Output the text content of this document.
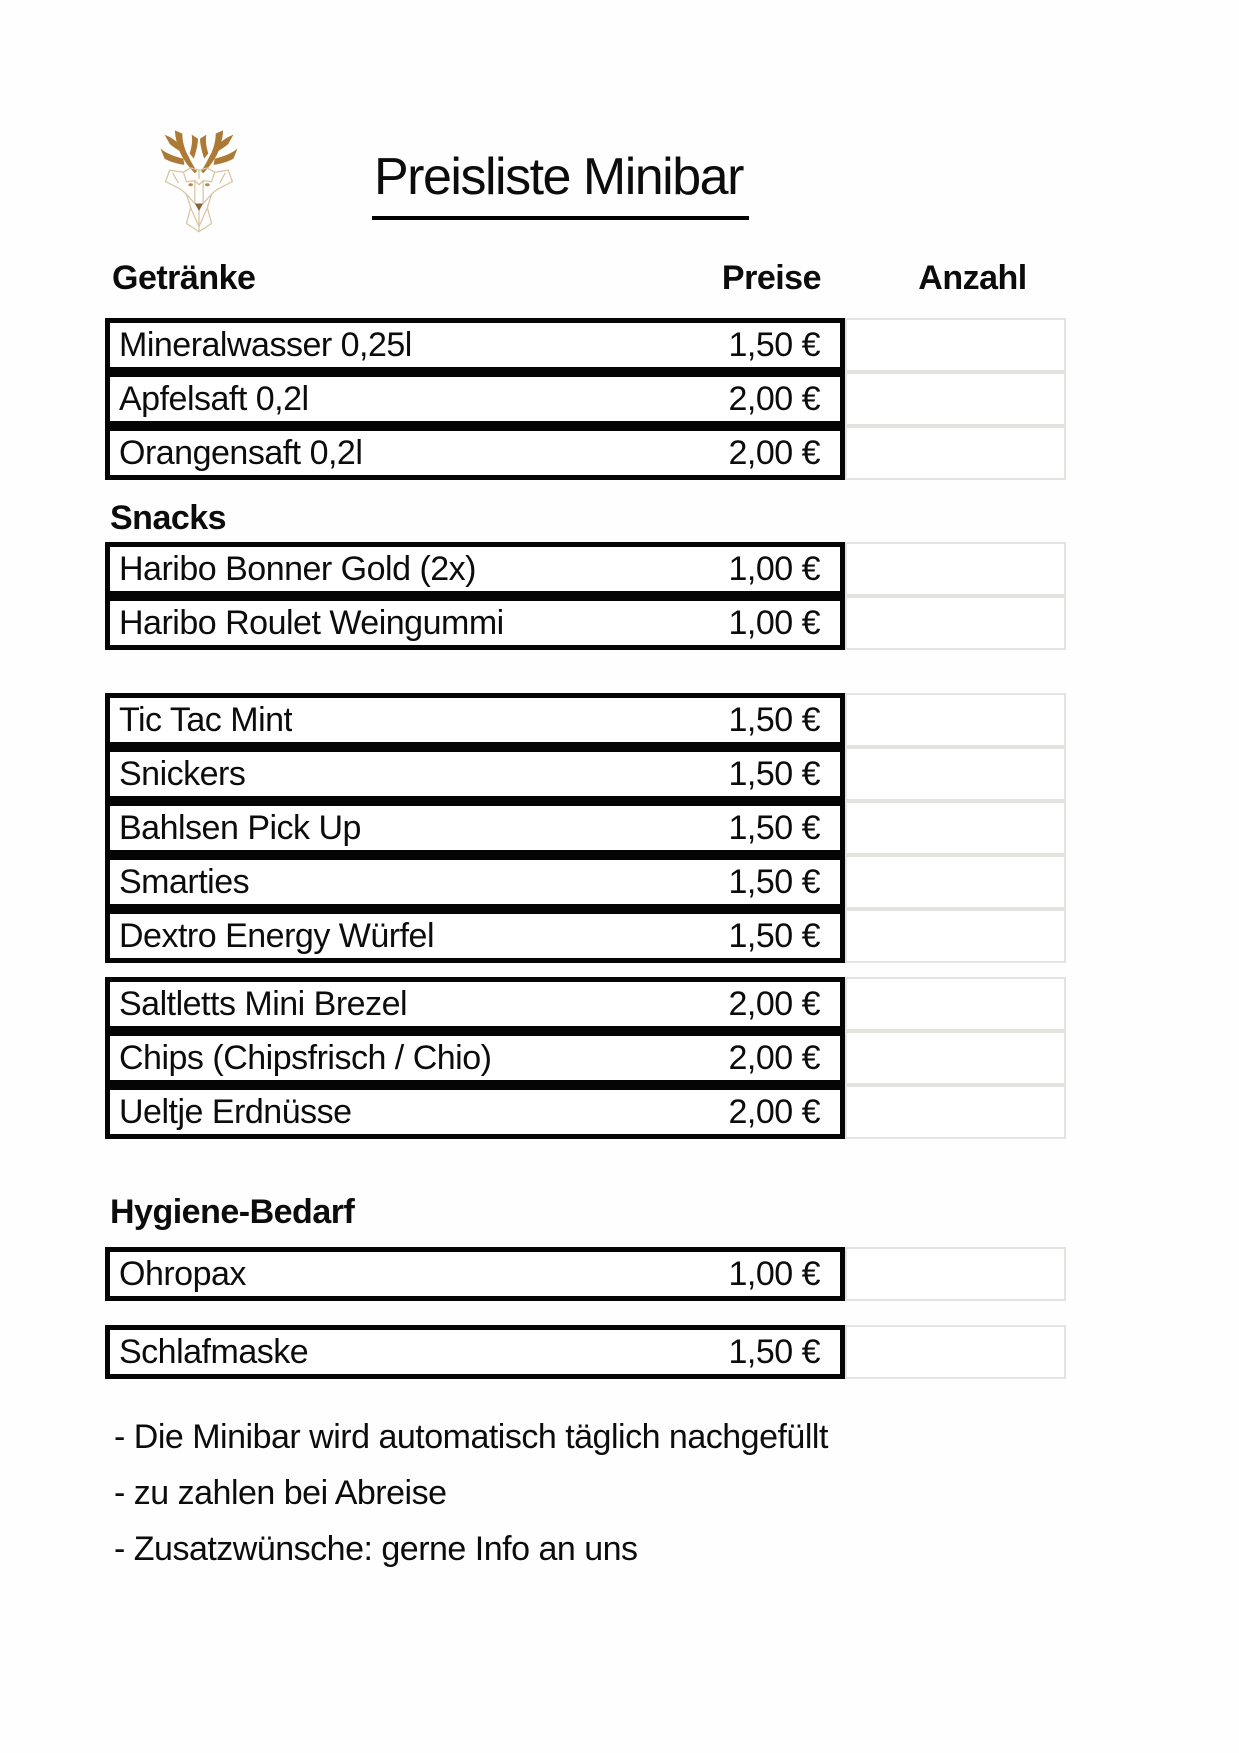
Preisliste Minibar
Getränke	Preise	Anzahl
Mineralwasser 0,25l	1,50 €
Apfelsaft 0,2l	2,00 €
Orangensaft 0,2l	2,00 €
Snacks
Haribo Bonner Gold (2x)	1,00 €
Haribo Roulet Weingummi	1,00 €
Tic Tac Mint	1,50 €
Snickers	1,50 €
Bahlsen Pick Up	1,50 €
Smarties	1,50 €
Dextro Energy Würfel	1,50 €
Saltletts Mini Brezel	2,00 €
Chips (Chipsfrisch / Chio)	2,00 €
Ueltje Erdnüsse	2,00 €
Hygiene-Bedarf
Ohropax	1,00 €
Schlafmaske	1,50 €
- Die Minibar wird automatisch täglich nachgefüllt
- zu zahlen bei Abreise
- Zusatzwünsche: gerne Info an uns
